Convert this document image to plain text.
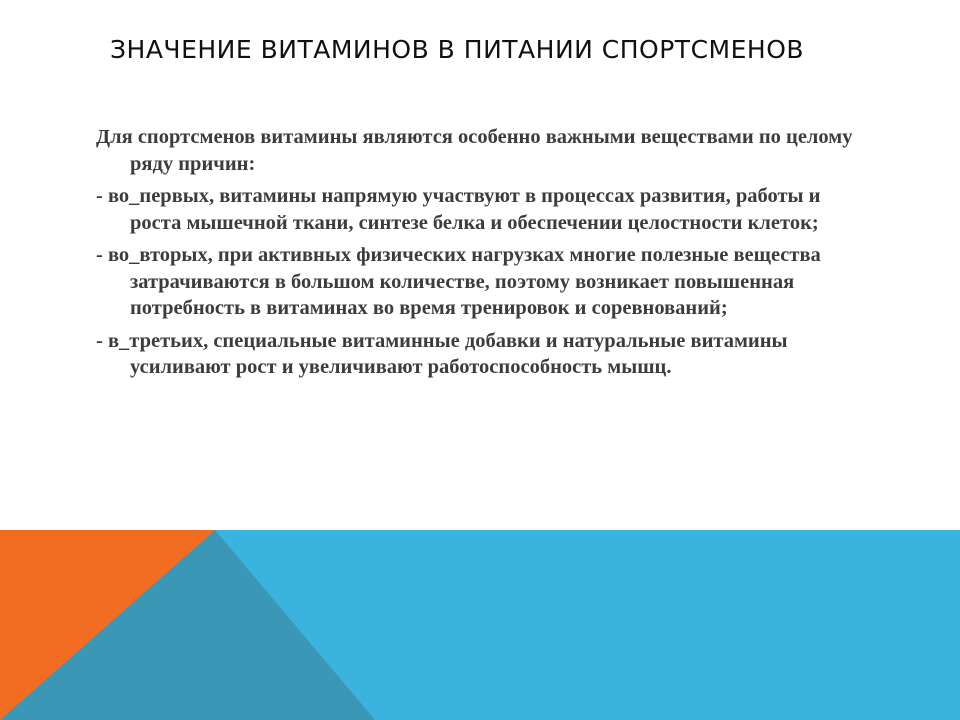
ЗНАЧЕНИЕ ВИТАМИНОВ В ПИТАНИИ СПОРТСМЕНОВ
Для спортсменов витамины являются особенно важными веществами по целому ряду причин:
- во_первых, витамины напрямую участвуют в процессах развития, работы и роста мышечной ткани, синтезе белка и обеспечении целостности клеток;
- во_вторых, при активных физических нагрузках многие полезные вещества затрачиваются в большом количестве, поэтому возникает повышенная потребность в витаминах во время тренировок и соревнований;
- в_третьих, специальные витаминные добавки и натуральные витамины усиливают рост и увеличивают работоспособность мышц.
